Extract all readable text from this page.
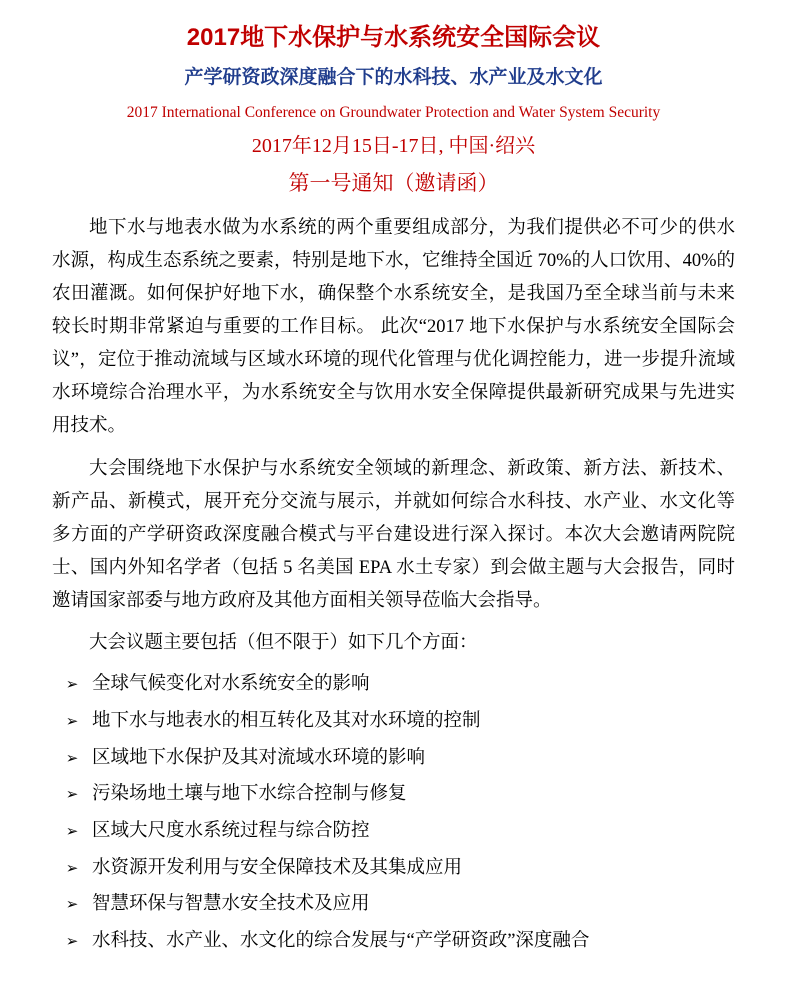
2017地下水保护与水系统安全国际会议
产学研资政深度融合下的水科技、水产业及水文化
2017 International Conference on Groundwater Protection and Water System Security
2017年12月15日-17日, 中国·绍兴
第一号通知（邀请函）

地下水与地表水做为水系统的两个重要组成部分，为我们提供必不可少的供水水源，构成生态系统之要素，特别是地下水，它维持全国近 70%的人口饮用、40%的农田灌溉。如何保护好地下水，确保整个水系统安全，是我国乃至全球当前与未来较长时期非常紧迫与重要的工作目标。 此次“2017 地下水保护与水系统安全国际会议”，定位于推动流域与区域水环境的现代化管理与优化调控能力，进一步提升流域水环境综合治理水平，为水系统安全与饮用水安全保障提供最新研究成果与先进实用技术。

大会围绕地下水保护与水系统安全领域的新理念、新政策、新方法、新技术、新产品、新模式，展开充分交流与展示，并就如何综合水科技、水产业、水文化等多方面的产学研资政深度融合模式与平台建设进行深入探讨。本次大会邀请两院院士、国内外知名学者（包括 5 名美国 EPA 水土专家）到会做主题与大会报告，同时邀请国家部委与地方政府及其他方面相关领导莅临大会指导。

大会议题主要包括（但不限于）如下几个方面：
➢ 全球气候变化对水系统安全的影响
➢ 地下水与地表水的相互转化及其对水环境的控制
➢ 区域地下水保护及其对流域水环境的影响
➢ 污染场地土壤与地下水综合控制与修复
➢ 区域大尺度水系统过程与综合防控
➢ 水资源开发利用与安全保障技术及其集成应用
➢ 智慧环保与智慧水安全技术及应用
➢ 水科技、水产业、水文化的综合发展与“产学研资政”深度融合
